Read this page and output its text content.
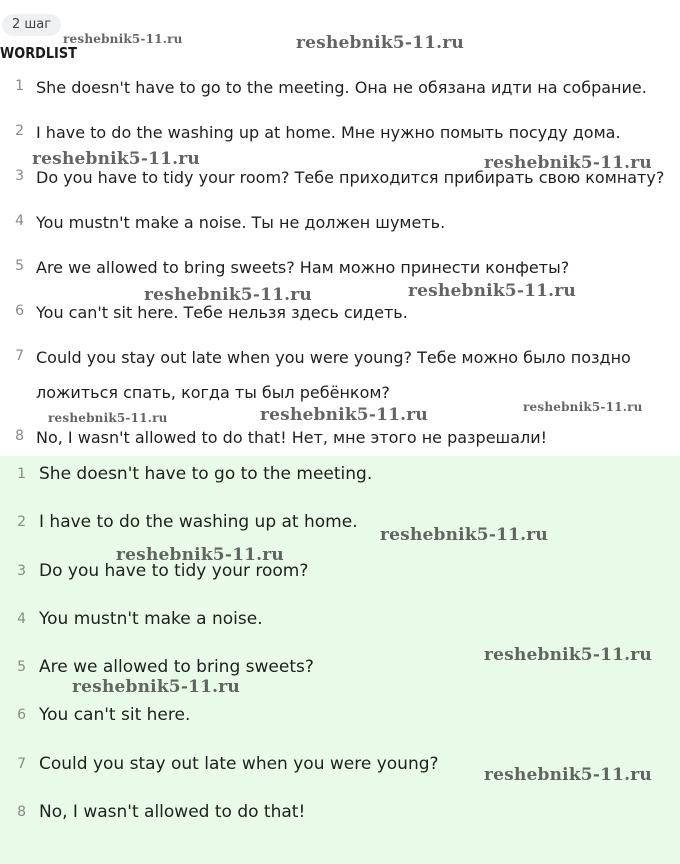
2 шаг
WORDLIST
1 She doesn't have to go to the meeting. Она не обязана идти на собрание.
2 I have to do the washing up at home. Мне нужно помыть посуду дома.
3 Do you have to tidy your room? Тебе приходится прибирать свою комнату?
4 You mustn't make a noise. Ты не должен шуметь.
5 Are we allowed to bring sweets? Нам можно принести конфеты?
6 You can't sit here. Тебе нельзя здесь сидеть.
7 Could you stay out late when you were young? Тебе можно было поздно
ложиться спать, когда ты был ребёнком?
8 No, I wasn't allowed to do that! Нет, мне этого не разрешали!
1 She doesn't have to go to the meeting.
2 I have to do the washing up at home.
3 Do you have to tidy your room?
4 You mustn't make a noise.
5 Are we allowed to bring sweets?
6 You can't sit here.
7 Could you stay out late when you were young?
8 No, I wasn't allowed to do that!
reshebnik5-11.ru	reshebnik5-11.ru
reshebnik5-11.ru	reshebnik5-11.ru
reshebnik5-11.ru	reshebnik5-11.ru
reshebnik5-11.ru	reshebnik5-11.ru	reshebnik5-11.ru
reshebnik5-11.ru
reshebnik5-11.ru
reshebnik5-11.ru
reshebnik5-11.ru
reshebnik5-11.ru
